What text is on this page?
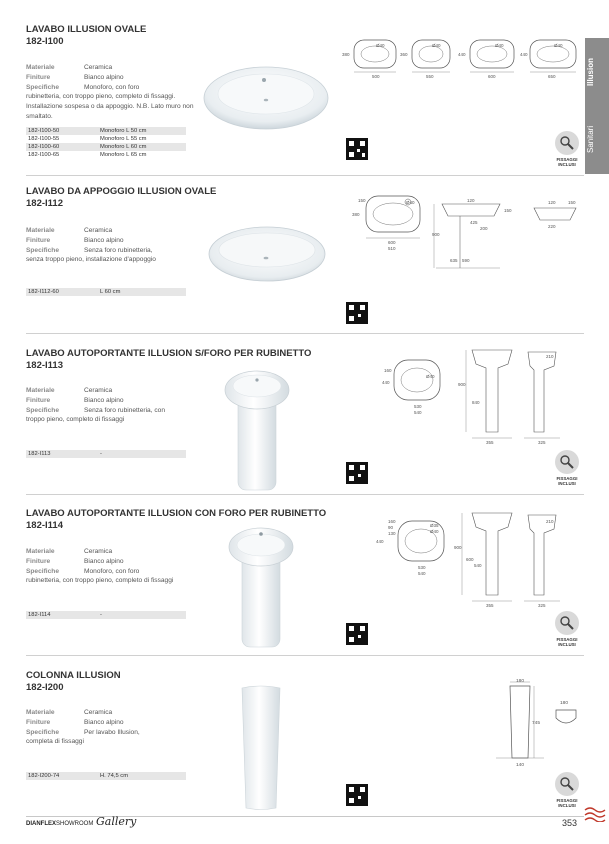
Illusion
Sanitari
LAVABO ILLUSION OVALE
182-I100
Materiale	Ceramica
Finiture	Bianco alpino
Specifiche	Monoforo, con foro
rubinetteria, con troppo pieno, completo di fissaggi. Installazione sospesa o da appoggio. N.B. Lato muro non smaltato.
182-I100-50	Monoforo L 50 cm
182-I100-55	Monoforo L 55 cm
182-I100-60	Monoforo L 60 cm
182-I100-65	Monoforo L 65 cm
500
380
Ø40
550
360
Ø40
600
440
Ø40
650
440
Ø40
FISSAGGI
INCLUSI
LAVABO DA APPOGGIO ILLUSION OVALE
182-I112
Materiale	Ceramica
Finiture	Bianco alpino
Specifiche	Senza foro rubinetteria,
senza troppo pieno, installazione d'appoggio
182-I112-60	L 60 cm
Ø40
600
510
380
150	120
150
425
200
900
635 590
120	150
220
LAVABO AUTOPORTANTE ILLUSION S/FORO PER RUBINETTO
182-I113
Materiale	Ceramica
Finiture	Bianco alpino
Specifiche	Senza foro rubinetteria, con
troppo pieno, completo di fissaggi
182-I113	-
160
440
Ø40
530
540
900
840
355
210
325
FISSAGGI
INCLUSI
LAVABO AUTOPORTANTE ILLUSION CON FORO PER RUBINETTO
182-I114
Materiale	Ceramica
Finiture	Bianco alpino
Specifiche	Monoforo, con foro
rubinetteria, con troppo pieno, completo di fissaggi
182-I114	-
160
90
130
440
Ø35
Ø40
530
540
900
600
540
355
210
325
FISSAGGI
INCLUSI
COLONNA ILLUSION
182-I200
Materiale	Ceramica
Finiture	Bianco alpino
Specifiche	Per lavabo Illusion,
completa di fissaggi
182-I200-74	H. 74,5 cm
180
745
140
180
FISSAGGI
INCLUSI
DIANFLEXSHOWROOM Gallery	353
